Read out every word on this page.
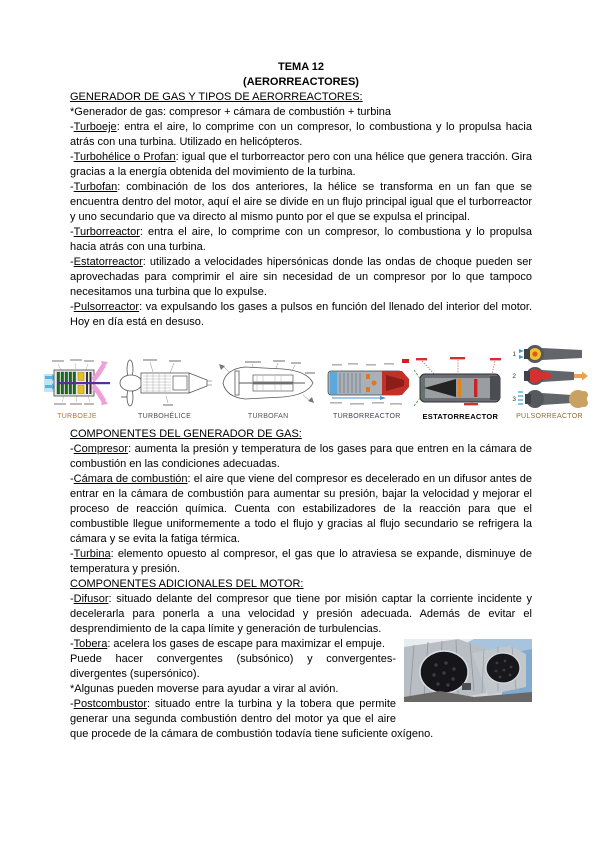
TEMA 12
(AERORREACTORES)

GENERADOR DE GAS Y TIPOS DE AERORREACTORES:

*Generador de gas: compresor + cámara de combustión + turbina

-Turboeje: entra el aire, lo comprime con un compresor, lo combustiona y lo propulsa hacia atrás con una turbina. Utilizado en helicópteros.

-Turbohélice o Profan: igual que el turborreactor pero con una hélice que genera tracción. Gira gracias a la energía obtenida del movimiento de la turbina.

-Turbofan: combinación de los dos anteriores, la hélice se transforma en un fan que se encuentra dentro del motor, aquí el aire se divide en un flujo principal igual que el turborreactor y uno secundario que va directo al mismo punto por el que se expulsa el principal.

-Turborreactor: entra el aire, lo comprime con un compresor, lo combustiona y lo propulsa hacia atrás con una turbina.

-Estatorreactor: utilizado a velocidades hipersónicas donde las ondas de choque pueden ser aprovechadas para comprimir el aire sin necesidad de un compresor por lo que tampoco necesitamos una turbina que lo expulse.

-Pulsorreactor: va expulsando los gases a pulsos en función del llenado del interior del motor. Hoy en día está en desuso.

TURBOEJE	TURBOHÉLICE	TURBOFAN	TURBORREACTOR	ESTATORREACTOR
1
2
3
PULSORREACTOR

COMPONENTES DEL GENERADOR DE GAS:

-Compresor: aumenta la presión y temperatura de los gases para que entren en la cámara de combustión en las condiciones adecuadas.

-Cámara de combustión: el aire que viene del compresor es decelerado en un difusor antes de entrar en la cámara de combustión para aumentar su presión, bajar la velocidad y mejorar el proceso de reacción química. Cuenta con estabilizadores de la reacción para que el combustible llegue uniformemente a todo el flujo y gracias al flujo secundario se refrigera la cámara y se evita la fatiga térmica.

-Turbina: elemento opuesto al compresor, el gas que lo atraviesa se expande, disminuye de temperatura y presión.

COMPONENTES ADICIONALES DEL MOTOR:

-Difusor: situado delante del compresor que tiene por misión captar la corriente incidente y decelerarla para ponerla a una velocidad y presión adecuada. Además de evitar el desprendimiento de la capa límite y generación de turbulencias.

-Tobera: acelera los gases de escape para maximizar el empuje.

Puede hacer convergentes (subsónico) y convergentes-divergentes (supersónico).

*Algunas pueden moverse para ayudar a virar al avión.

-Postcombustor: situado entre la turbina y la tobera que permite generar una segunda combustión dentro del motor ya que el aire que procede de la cámara de combustión todavía tiene suficiente oxígeno.
